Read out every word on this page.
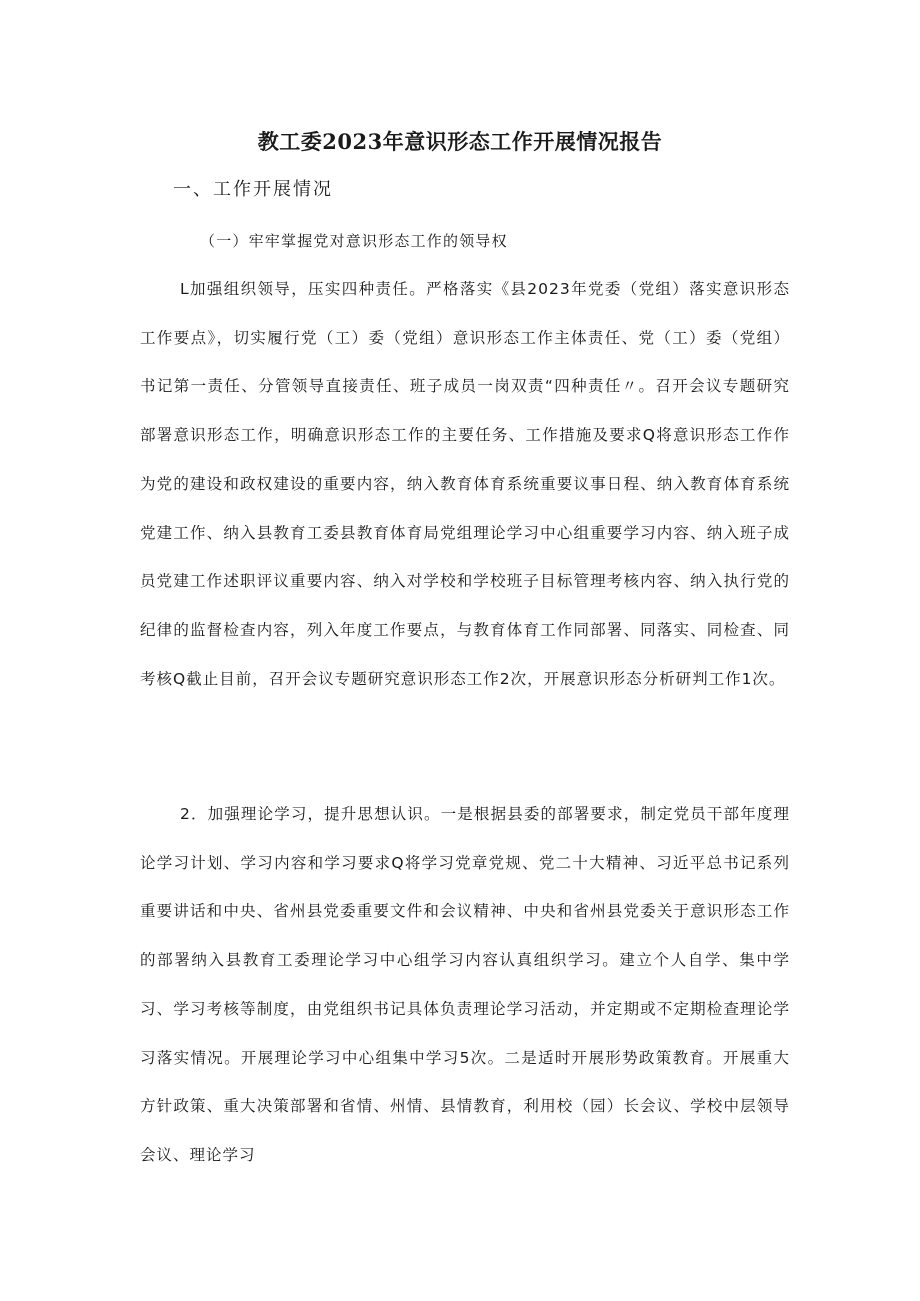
教工委2023年意识形态工作开展情况报告
一、工作开展情况
（一）牢牢掌握党对意识形态工作的领导权

L加强组织领导，压实四种责任。严格落实《县2023年党委（党组）落实意识形态工作要点》，切实履行党（工）委（党组）意识形态工作主体责任、党（工）委（党组）书记第一责任、分管领导直接责任、班子成员一岗双责“四种责任〃。召开会议专题研究部署意识形态工作，明确意识形态工作的主要任务、工作措施及要求Q将意识形态工作作为党的建设和政权建设的重要内容，纳入教育体育系统重要议事日程、纳入教育体育系统党建工作、纳入县教育工委县教育体育局党组理论学习中心组重要学习内容、纳入班子成员党建工作述职评议重要内容、纳入对学校和学校班子目标管理考核内容、纳入执行党的纪律的监督检查内容，列入年度工作要点，与教育体育工作同部署、同落实、同检查、同考核Q截止目前，召开会议专题研究意识形态工作2次，开展意识形态分析研判工作1次。

2．加强理论学习，提升思想认识。一是根据县委的部署要求，制定党员干部年度理论学习计划、学习内容和学习要求Q将学习党章党规、党二十大精神、习近平总书记系列重要讲话和中央、省州县党委重要文件和会议精神、中央和省州县党委关于意识形态工作的部署纳入县教育工委理论学习中心组学习内容认真组织学习。建立个人自学、集中学习、学习考核等制度，由党组织书记具体负责理论学习活动，并定期或不定期检查理论学习落实情况。开展理论学习中心组集中学习5次。二是适时开展形势政策教育。开展重大方针政策、重大决策部署和省情、州情、县情教育，利用校（园）长会议、学校中层领导会议、理论学习
